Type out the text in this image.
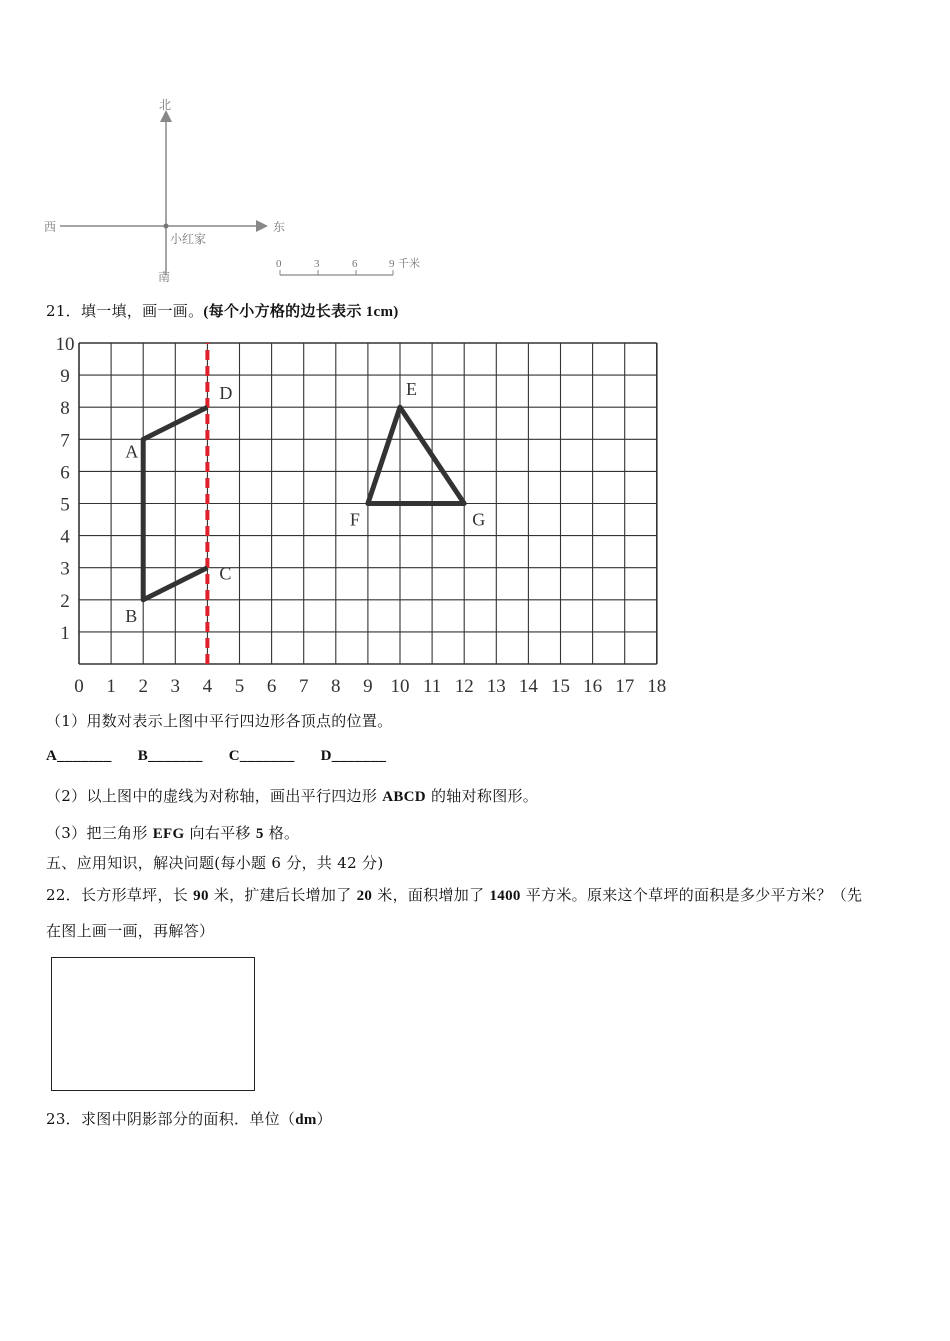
北
南
西	东
小红家
0	3	6	9 千米
21．填一填，画一画。(每个小方格的边长表示 1cm)
0 1 2 3 4 5 6 7 8 9 10 11 12 13 14 15 16 17 18
1
2
3
4
5
6
7
8
9
10
A
B
C
D	E
F	G
（1）用数对表示上图中平行四边形各顶点的位置。
A_______ B_______ C_______ D_______
（2）以上图中的虚线为对称轴，画出平行四边形 ABCD 的轴对称图形。
（3）把三角形 EFG 向右平移 5 格。
五、应用知识，解决问题(每小题 6 分，共 42 分)
22．长方形草坪，长 90 米，扩建后长增加了 20 米，面积增加了 1400 平方米。原来这个草坪的面积是多少平方米？（先
在图上画一画，再解答）
23．求图中阴影部分的面积．单位（dm）
